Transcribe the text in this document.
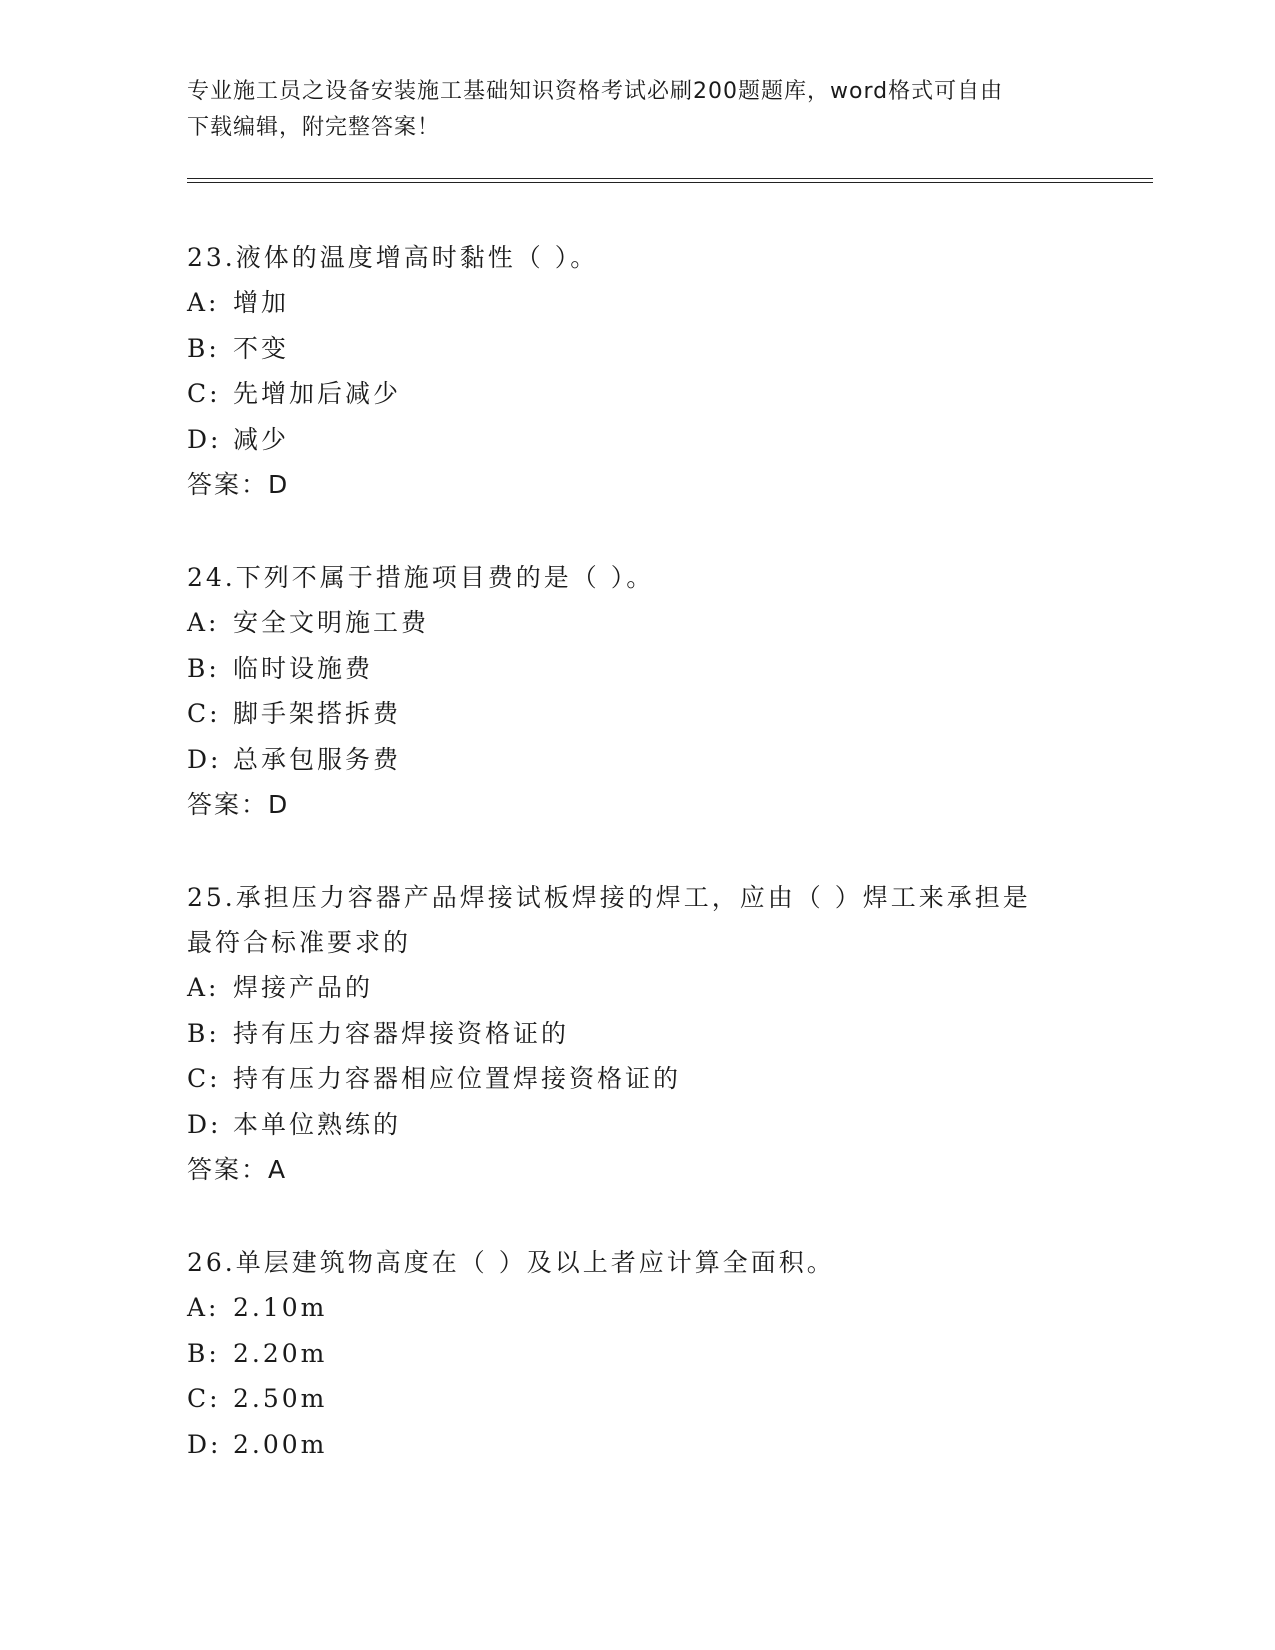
专业施工员之设备安装施工基础知识资格考试必刷200题题库，word格式可自由
下载编辑，附完整答案！
23.液体的温度增高时黏性（ ）。
A: 增加
B: 不变
C: 先增加后减少
D: 减少
答案：D
24.下列不属于措施项目费的是（ ）。
A: 安全文明施工费
B: 临时设施费
C: 脚手架搭拆费
D: 总承包服务费
答案：D
25.承担压力容器产品焊接试板焊接的焊工，应由（ ）焊工来承担是
最符合标准要求的
A: 焊接产品的
B: 持有压力容器焊接资格证的
C: 持有压力容器相应位置焊接资格证的
D: 本单位熟练的
答案：A
26.单层建筑物高度在（ ）及以上者应计算全面积。
A: 2.10m
B: 2.20m
C: 2.50m
D: 2.00m
